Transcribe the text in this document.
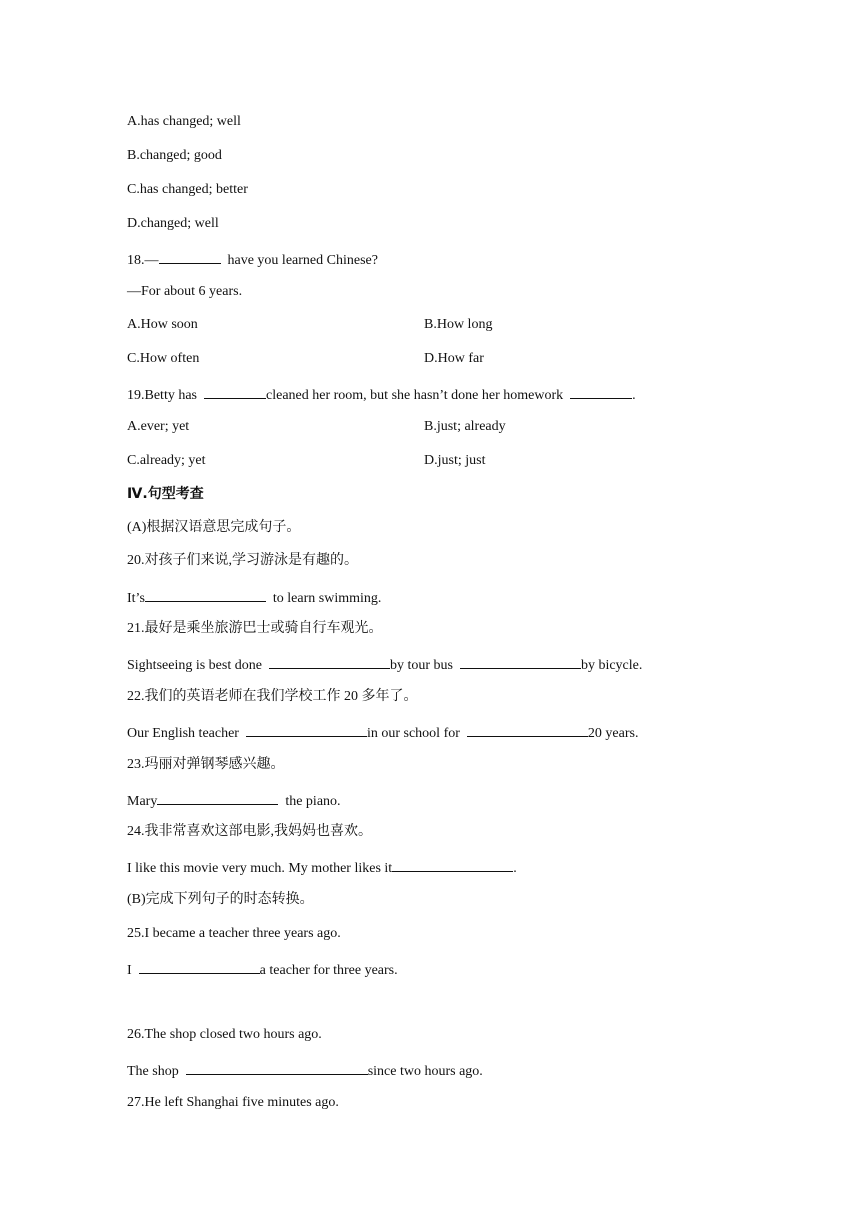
A.has changed; well
B.changed; good
C.has changed; better
D.changed; well
18.—	have you learned Chinese?
—For about 6 years.
A.How soon	B.How long
C.How often	D.How far
19.Betty has	cleaned her room, but she hasn’t done her homework	.
A.ever; yet	B.just; already
C.already; yet	D.just; just
Ⅳ.句型考查
(A)根据汉语意思完成句子。
20.对孩子们来说,学习游泳是有趣的。
It’s	to learn swimming.
21.最好是乘坐旅游巴士或骑自行车观光。
Sightseeing is best done	by tour bus	by bicycle.
22.我们的英语老师在我们学校工作 20 多年了。
Our English teacher	in our school for	20 years.
23.玛丽对弹钢琴感兴趣。
Mary	the piano.
24.我非常喜欢这部电影,我妈妈也喜欢。
I like this movie very much. My mother likes it	.
(B)完成下列句子的时态转换。
25.I became a teacher three years ago.
I	a teacher for three years.
26.The shop closed two hours ago.
The shop	since two hours ago.
27.He left Shanghai five minutes ago.
